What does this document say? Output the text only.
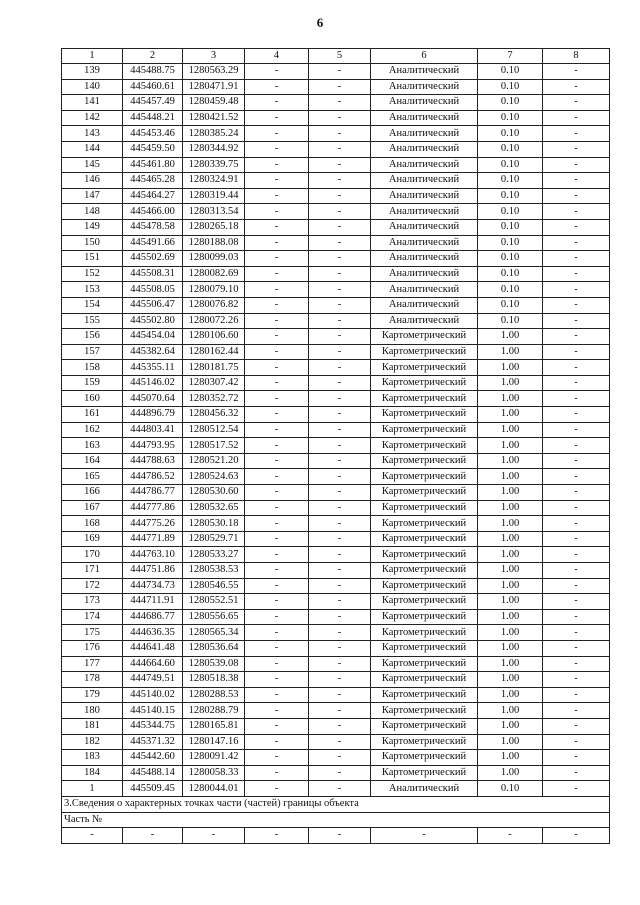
6
1	2	3	4	5	6	7	8
139	445488.75	1280563.29	-	-	Аналитический	0.10	-
140	445460.61	1280471.91	-	-	Аналитический	0.10	-
141	445457.49	1280459.48	-	-	Аналитический	0.10	-
142	445448.21	1280421.52	-	-	Аналитический	0.10	-
143	445453.46	1280385.24	-	-	Аналитический	0.10	-
144	445459.50	1280344.92	-	-	Аналитический	0.10	-
145	445461.80	1280339.75	-	-	Аналитический	0.10	-
146	445465.28	1280324.91	-	-	Аналитический	0.10	-
147	445464.27	1280319.44	-	-	Аналитический	0.10	-
148	445466.00	1280313.54	-	-	Аналитический	0.10	-
149	445478.58	1280265.18	-	-	Аналитический	0.10	-
150	445491.66	1280188.08	-	-	Аналитический	0.10	-
151	445502.69	1280099.03	-	-	Аналитический	0.10	-
152	445508.31	1280082.69	-	-	Аналитический	0.10	-
153	445508.05	1280079.10	-	-	Аналитический	0.10	-
154	445506.47	1280076.82	-	-	Аналитический	0.10	-
155	445502.80	1280072.26	-	-	Аналитический	0.10	-
156	445454.04	1280106.60	-	-	Картометрический	1.00	-
157	445382.64	1280162.44	-	-	Картометрический	1.00	-
158	445355.11	1280181.75	-	-	Картометрический	1.00	-
159	445146.02	1280307.42	-	-	Картометрический	1.00	-
160	445070.64	1280352.72	-	-	Картометрический	1.00	-
161	444896.79	1280456.32	-	-	Картометрический	1.00	-
162	444803.41	1280512.54	-	-	Картометрический	1.00	-
163	444793.95	1280517.52	-	-	Картометрический	1.00	-
164	444788.63	1280521.20	-	-	Картометрический	1.00	-
165	444786.52	1280524.63	-	-	Картометрический	1.00	-
166	444786.77	1280530.60	-	-	Картометрический	1.00	-
167	444777.86	1280532.65	-	-	Картометрический	1.00	-
168	444775.26	1280530.18	-	-	Картометрический	1.00	-
169	444771.89	1280529.71	-	-	Картометрический	1.00	-
170	444763.10	1280533.27	-	-	Картометрический	1.00	-
171	444751.86	1280538.53	-	-	Картометрический	1.00	-
172	444734.73	1280546.55	-	-	Картометрический	1.00	-
173	444711.91	1280552.51	-	-	Картометрический	1.00	-
174	444686.77	1280556.65	-	-	Картометрический	1.00	-
175	444636.35	1280565.34	-	-	Картометрический	1.00	-
176	444641.48	1280536.64	-	-	Картометрический	1.00	-
177	444664.60	1280539.08	-	-	Картометрический	1.00	-
178	444749.51	1280518.38	-	-	Картометрический	1.00	-
179	445140.02	1280288.53	-	-	Картометрический	1.00	-
180	445140.15	1280288.79	-	-	Картометрический	1.00	-
181	445344.75	1280165.81	-	-	Картометрический	1.00	-
182	445371.32	1280147.16	-	-	Картометрический	1.00	-
183	445442.60	1280091.42	-	-	Картометрический	1.00	-
184	445488.14	1280058.33	-	-	Картометрический	1.00	-
1	445509.45	1280044.01	-	-	Аналитический	0.10	-
3.Сведения о характерных точках части (частей) границы объекта							
Часть №							
-	-	-	-	-	-	-	-
